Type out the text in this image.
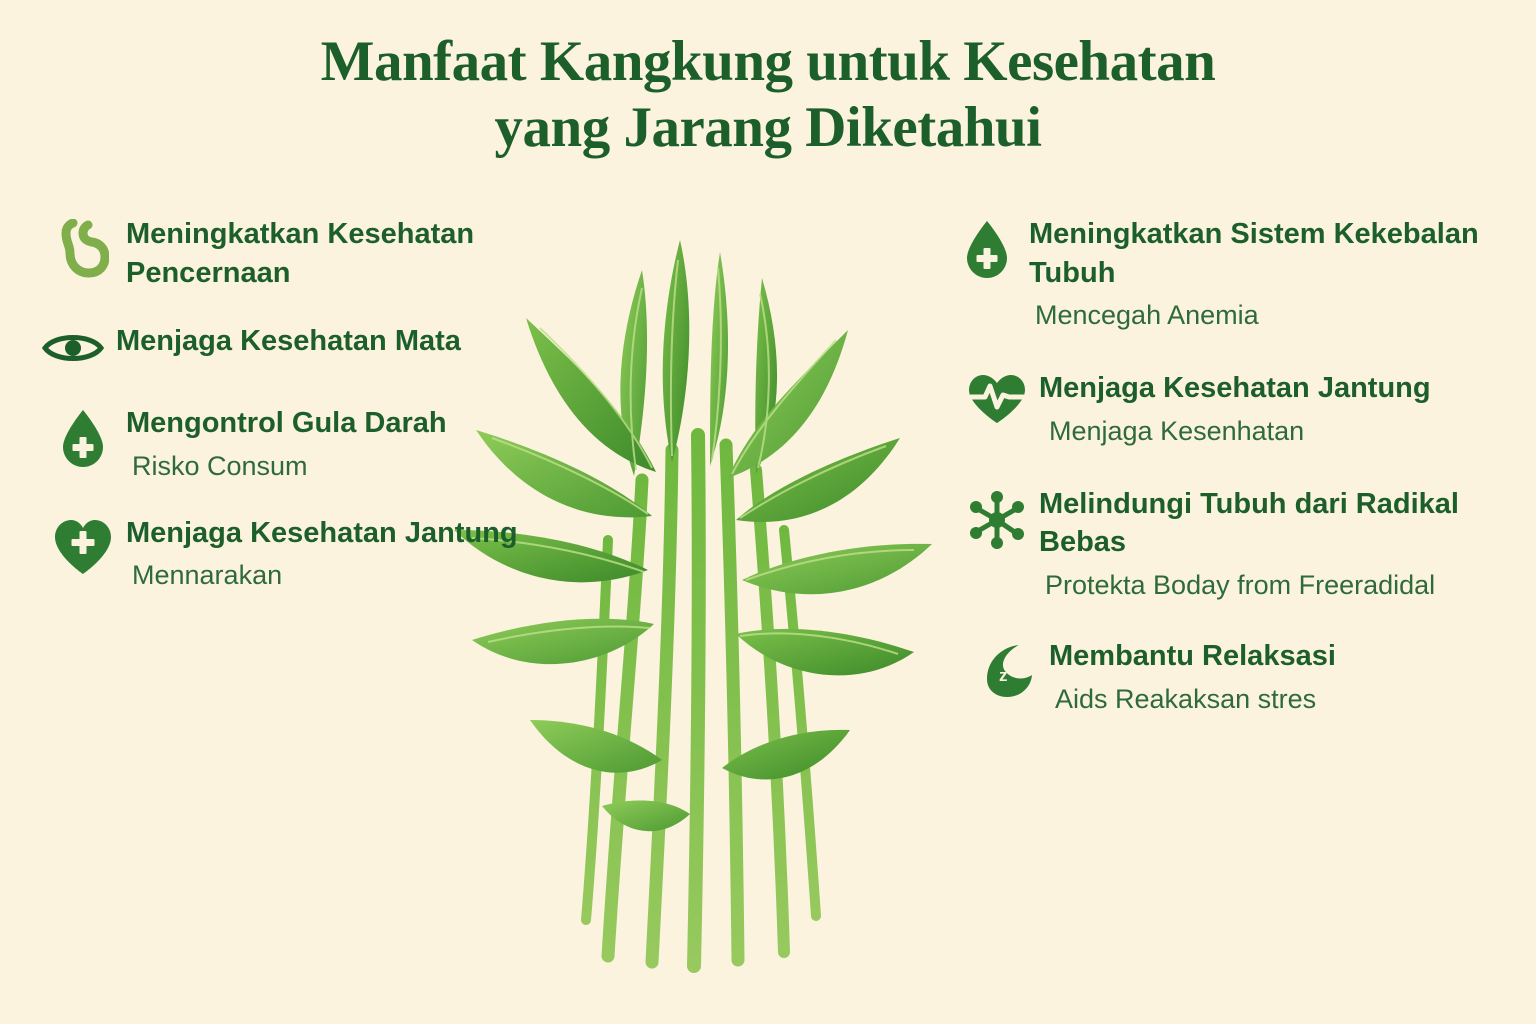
Manfaat Kangkung untuk Kesehatan
yang Jarang Diketahui
Meningkatkan Kesehatan Pencernaan
Menjaga Kesehatan Mata
Mengontrol Gula Darah
Risko Consum
Menjaga Kesehatan Jantung
Mennarakan
Meningkatkan Sistem Kekebalan Tubuh
Mencegah Anemia
Menjaga Kesehatan Jantung
Menjaga Kesenhatan
Melindungi Tubuh dari Radikal Bebas
Protekta Boday from Freeradidal
z
Membantu Relaksasi
Aids Reakaksan stres
